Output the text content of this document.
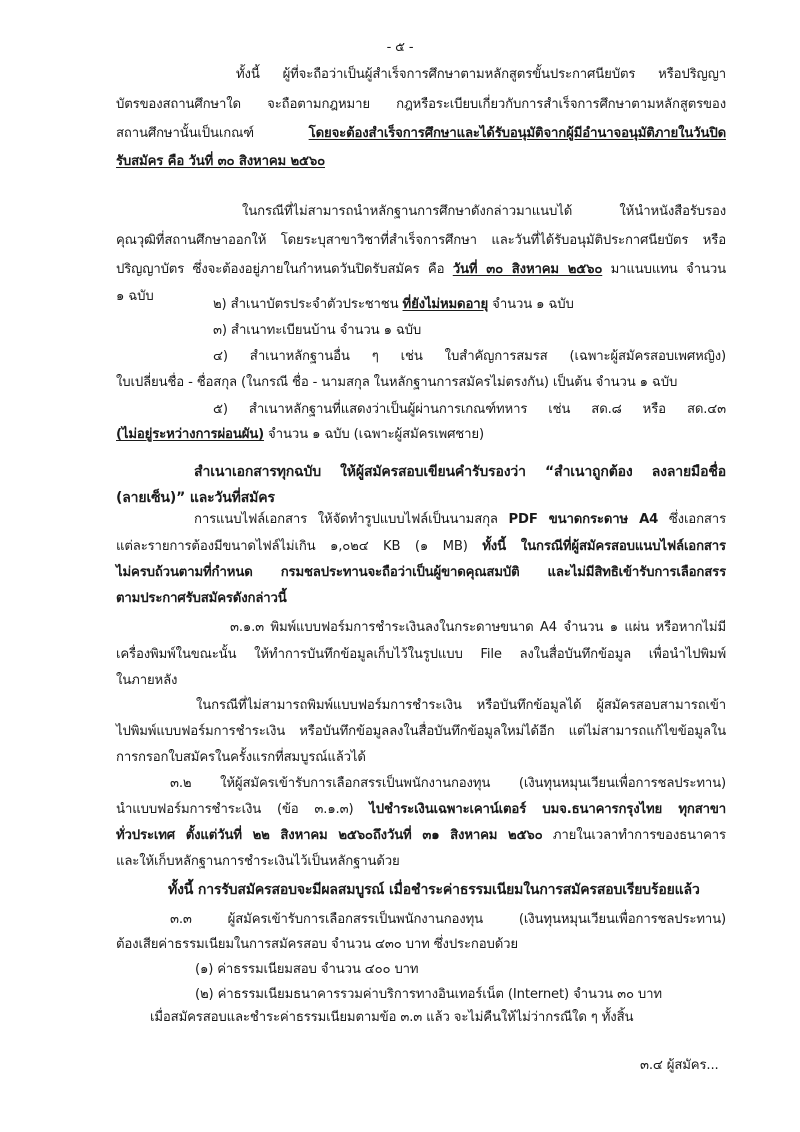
- ๕ -
ทั้งนี้ ผู้ที่จะถือว่าเป็นผู้สำเร็จการศึกษาตามหลักสูตรขั้นประกาศนียบัตร หรือปริญญา
บัตรของสถานศึกษาใด จะถือตามกฎหมาย กฎหรือระเบียบเกี่ยวกับการสำเร็จการศึกษาตามหลักสูตรของ
สถานศึกษานั้นเป็นเกณฑ์ โดยจะต้องสำเร็จการศึกษาและได้รับอนุมัติจากผู้มีอำนาจอนุมัติภายในวันปิด
รับสมัคร คือ วันที่ ๓๐ สิงหาคม ๒๕๖๐
ในกรณีที่ไม่สามารถนำหลักฐานการศึกษาดังกล่าวมาแนบได้ ให้นำหนังสือรับรอง
คุณวุฒิที่สถานศึกษาออกให้ โดยระบุสาขาวิชาที่สำเร็จการศึกษา และวันที่ได้รับอนุมัติประกาศนียบัตร หรือ
ปริญญาบัตร ซึ่งจะต้องอยู่ภายในกำหนดวันปิดรับสมัคร คือ วันที่ ๓๐ สิงหาคม ๒๕๖๐ มาแนบแทน จำนวน
๑ ฉบับ
๒) สำเนาบัตรประจำตัวประชาชน ที่ยังไม่หมดอายุ จำนวน ๑ ฉบับ
๓) สำเนาทะเบียนบ้าน จำนวน ๑ ฉบับ
๔) สำเนาหลักฐานอื่น ๆ เช่น ใบสำคัญการสมรส (เฉพาะผู้สมัครสอบเพศหญิง)
ใบเปลี่ยนชื่อ - ชื่อสกุล (ในกรณี ชื่อ - นามสกุล ในหลักฐานการสมัครไม่ตรงกัน) เป็นต้น จำนวน ๑ ฉบับ
๕) สำเนาหลักฐานที่แสดงว่าเป็นผู้ผ่านการเกณฑ์ทหาร เช่น สด.๘ หรือ สด.๔๓
(ไม่อยู่ระหว่างการผ่อนผัน) จำนวน ๑ ฉบับ (เฉพาะผู้สมัครเพศชาย)
สำเนาเอกสารทุกฉบับ ให้ผู้สมัครสอบเขียนคำรับรองว่า “สำเนาถูกต้อง ลงลายมือชื่อ
(ลายเซ็น)” และวันที่สมัคร
การแนบไฟล์เอกสาร ให้จัดทำรูปแบบไฟล์เป็นนามสกุล PDF ขนาดกระดาษ A4 ซึ่งเอกสาร
แต่ละรายการต้องมีขนาดไฟล์ไม่เกิน ๑,๐๒๔ KB (๑ MB) ทั้งนี้ ในกรณีที่ผู้สมัครสอบแนบไฟล์เอกสาร
ไม่ครบถ้วนตามที่กำหนด กรมชลประทานจะถือว่าเป็นผู้ขาดคุณสมบัติ และไม่มีสิทธิเข้ารับการเลือกสรร
ตามประกาศรับสมัครดังกล่าวนี้
๓.๑.๓ พิมพ์แบบฟอร์มการชำระเงินลงในกระดาษขนาด A4 จำนวน ๑ แผ่น หรือหากไม่มี
เครื่องพิมพ์ในขณะนั้น ให้ทำการบันทึกข้อมูลเก็บไว้ในรูปแบบ File ลงในสื่อบันทึกข้อมูล เพื่อนำไปพิมพ์
ในภายหลัง
ในกรณีที่ไม่สามารถพิมพ์แบบฟอร์มการชำระเงิน หรือบันทึกข้อมูลได้ ผู้สมัครสอบสามารถเข้า
ไปพิมพ์แบบฟอร์มการชำระเงิน หรือบันทึกข้อมูลลงในสื่อบันทึกข้อมูลใหม่ได้อีก แต่ไม่สามารถแก้ไขข้อมูลใน
การกรอกใบสมัครในครั้งแรกที่สมบูรณ์แล้วได้
๓.๒ ให้ผู้สมัครเข้ารับการเลือกสรรเป็นพนักงานกองทุน (เงินทุนหมุนเวียนเพื่อการชลประทาน)
นำแบบฟอร์มการชำระเงิน (ข้อ ๓.๑.๓) ไปชำระเงินเฉพาะเคาน์เตอร์ บมจ.ธนาคารกรุงไทย ทุกสาขา
ทั่วประเทศ ตั้งแต่วันที่ ๒๒ สิงหาคม ๒๕๖๐ถึงวันที่ ๓๑ สิงหาคม ๒๕๖๐ ภายในเวลาทำการของธนาคาร
และให้เก็บหลักฐานการชำระเงินไว้เป็นหลักฐานด้วย
ทั้งนี้ การรับสมัครสอบจะมีผลสมบูรณ์ เมื่อชำระค่าธรรมเนียมในการสมัครสอบเรียบร้อยแล้ว
๓.๓ ผู้สมัครเข้ารับการเลือกสรรเป็นพนักงานกองทุน (เงินทุนหมุนเวียนเพื่อการชลประทาน)
ต้องเสียค่าธรรมเนียมในการสมัครสอบ จำนวน ๔๓๐ บาท ซึ่งประกอบด้วย
(๑) ค่าธรรมเนียมสอบ จำนวน ๔๐๐ บาท
(๒) ค่าธรรมเนียมธนาคารรวมค่าบริการทางอินเทอร์เน็ต (Internet) จำนวน ๓๐ บาท
เมื่อสมัครสอบและชำระค่าธรรมเนียมตามข้อ ๓.๓ แล้ว จะไม่คืนให้ไม่ว่ากรณีใด ๆ ทั้งสิ้น
๓.๔ ผู้สมัคร...
